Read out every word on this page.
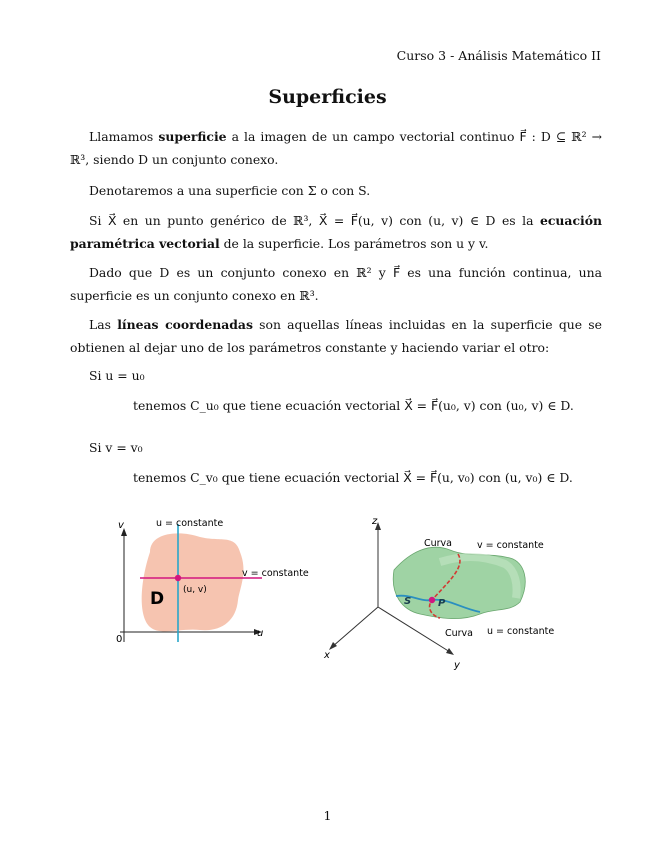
Curso 3 - Análisis Matemático II
Superficies
Llamamos superficie a la imagen de un campo vectorial continuo F⃗ : D ⊆ ℝ² → ℝ³, siendo D un conjunto conexo.
Denotaremos a una superficie con Σ o con S.
Si X⃗ en un punto genérico de ℝ³, X⃗ = F⃗(u, v) con (u, v) ∈ D es la ecuación paramétrica vectorial de la superficie. Los parámetros son u y v.
Dado que D es un conjunto conexo en ℝ² y F⃗ es una función continua, una superficie es un conjunto conexo en ℝ³.
Las líneas coordenadas son aquellas líneas incluidas en la superficie que se obtienen al dejar uno de los parámetros constante y haciendo variar el otro:
Si u = u₀
tenemos C_u₀ que tiene ecuación vectorial X⃗ = F⃗(u₀, v) con (u₀, v) ∈ D.
Si v = v₀
tenemos C_v₀ que tiene ecuación vectorial X⃗ = F⃗(u, v₀) con (u, v₀) ∈ D.
v
u
0
D (u, v)
u = constante
v = constante
z
x
y
Curva	v = constante
S	P
Curva u = constante
1
